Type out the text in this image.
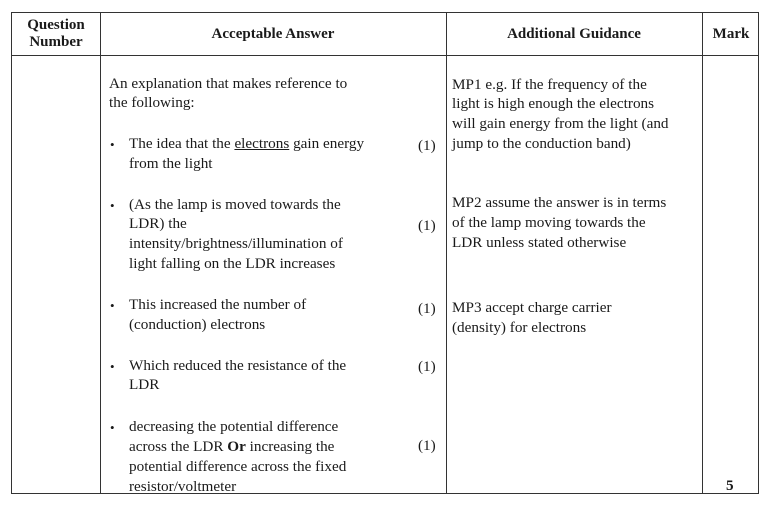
Question
Number
Acceptable Answer	Additional Guidance	Mark
An explanation that makes reference to
the following:
• The idea that the electrons gain energy
from the light
(1)
• (As the lamp is moved towards the
LDR) the
intensity/brightness/illumination of
light falling on the LDR increases
(1)
• This increased the number of
(conduction) electrons
(1)
• Which reduced the resistance of the
LDR
(1)
• decreasing the potential difference
across the LDR Or increasing the
potential difference across the fixed
resistor/voltmeter
(1)
MP1 e.g. If the frequency of the
light is high enough the electrons
will gain energy from the light (and
jump to the conduction band)
MP2 assume the answer is in terms
of the lamp moving towards the
LDR unless stated otherwise
MP3 accept charge carrier
(density) for electrons
5
